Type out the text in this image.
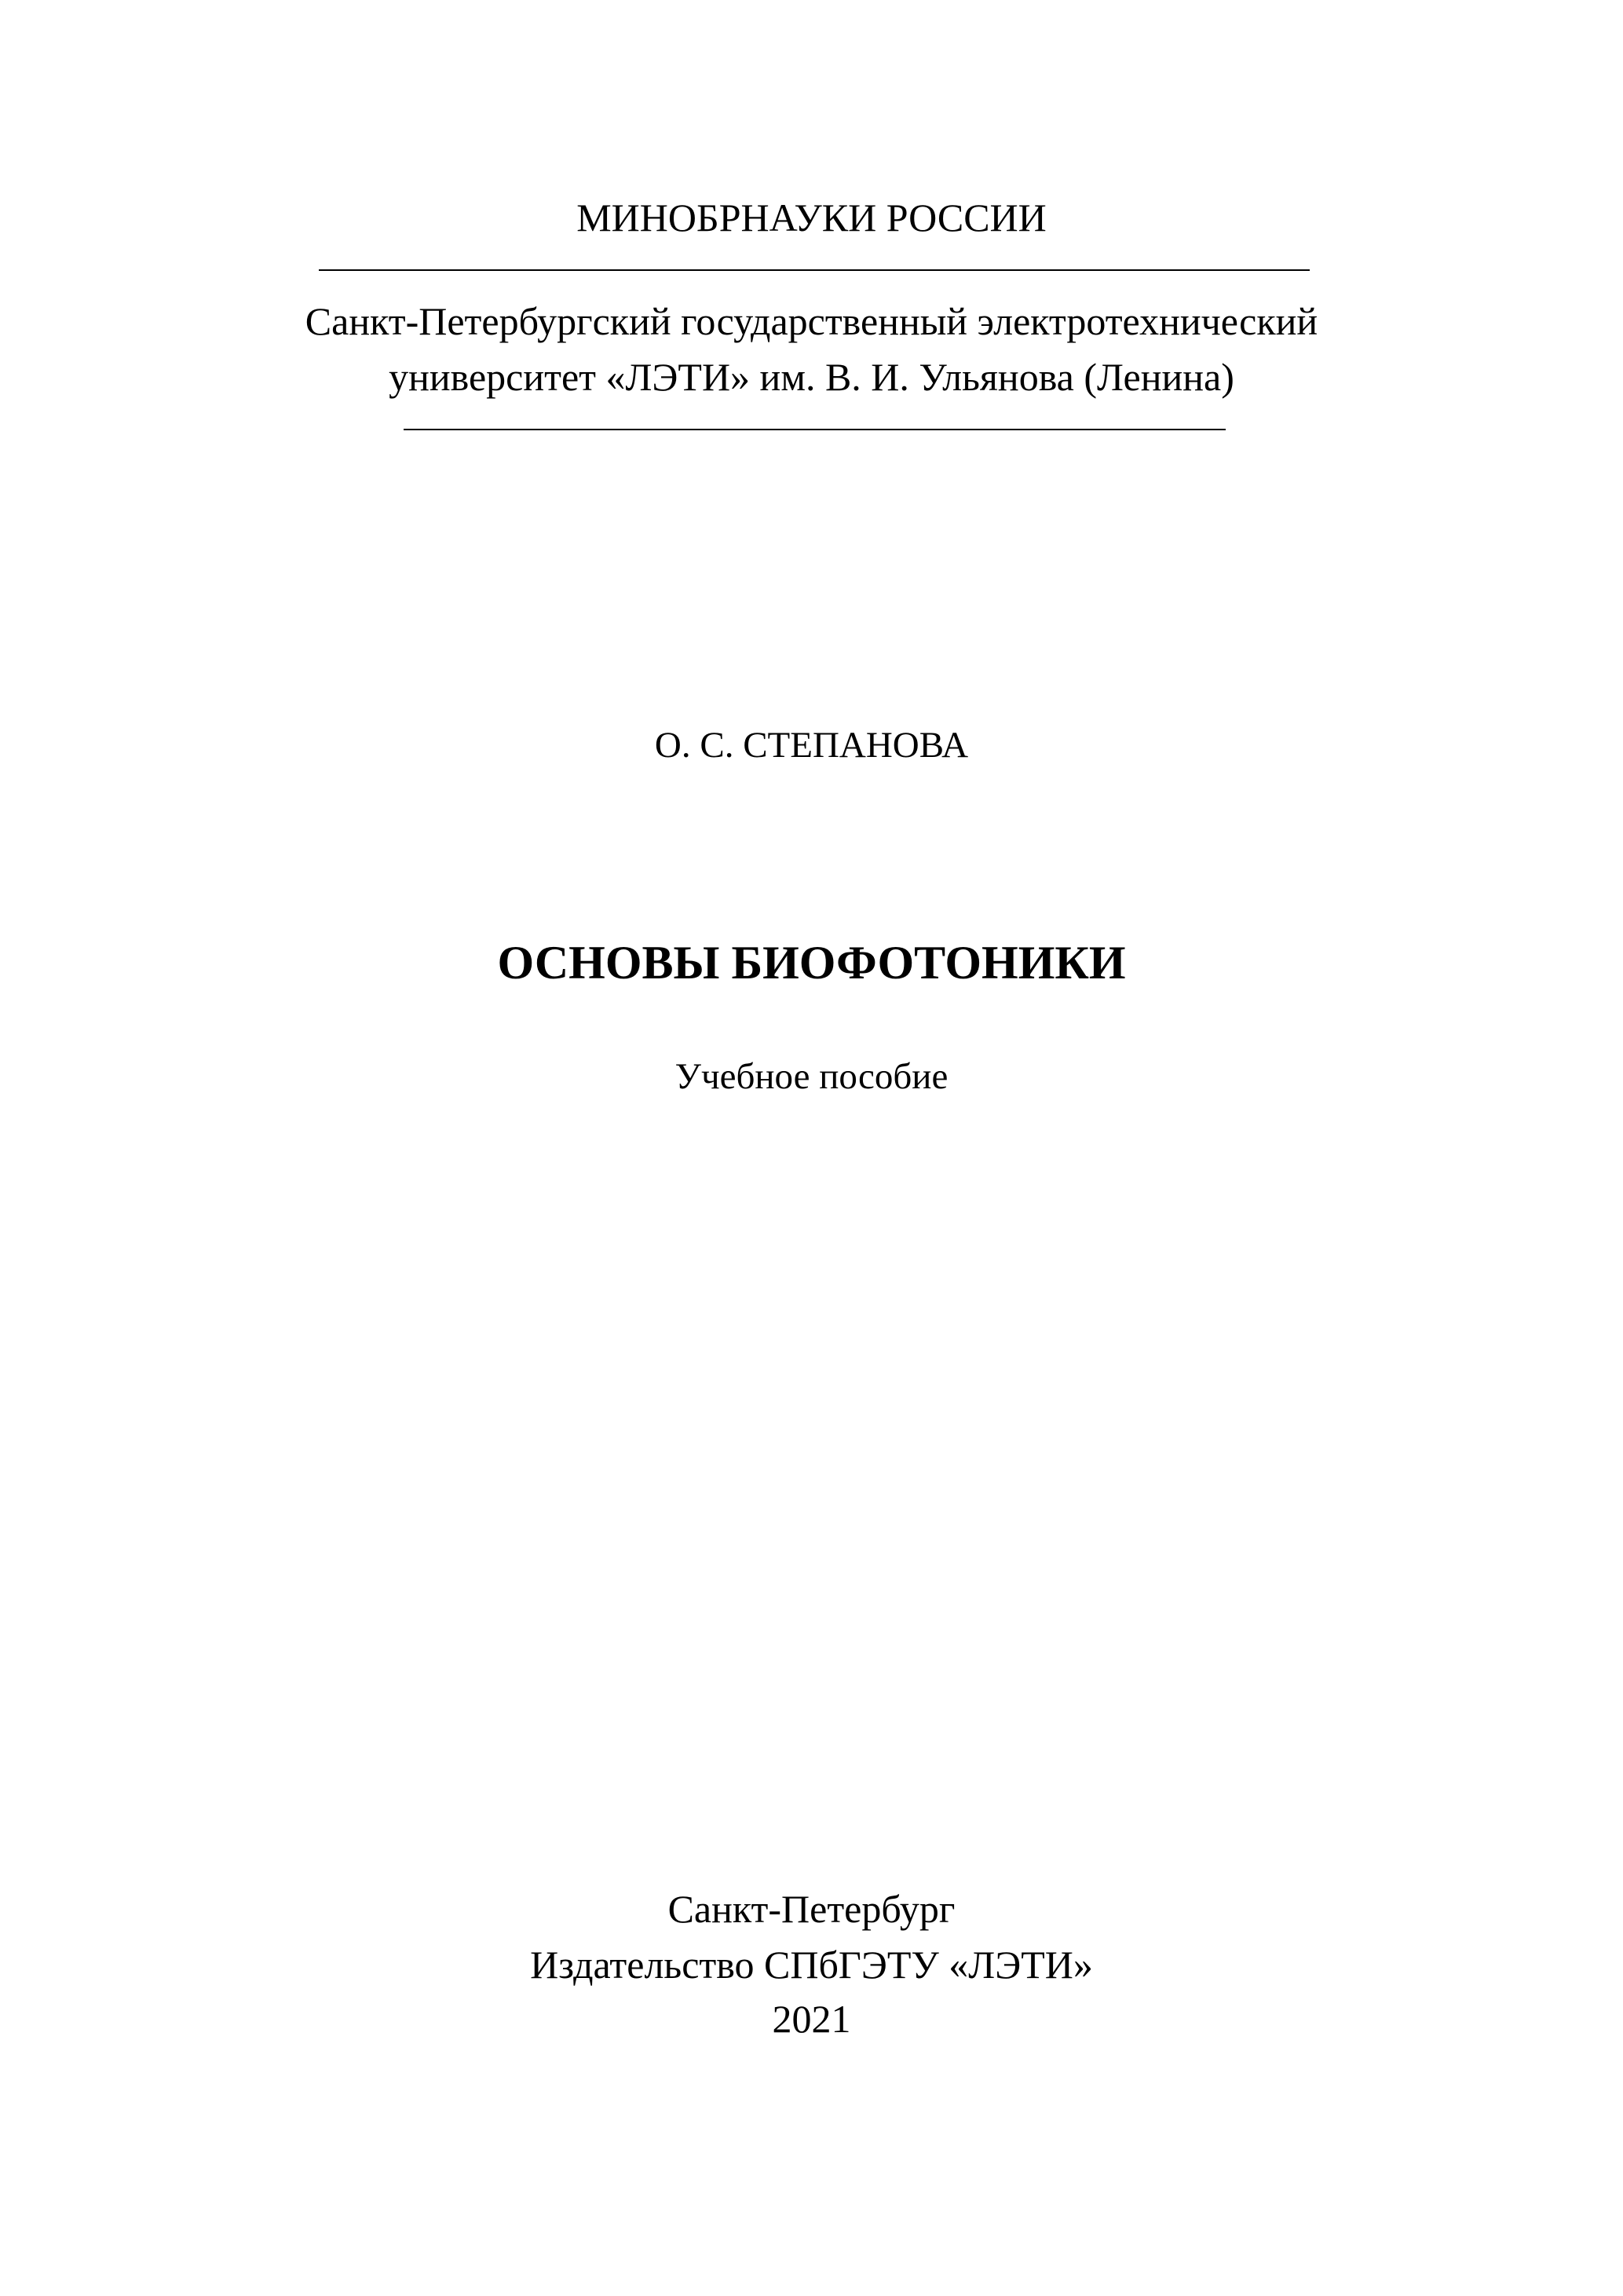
МИНОБРНАУКИ РОССИИ
Санкт-Петербургский государственный электротехнический
университет «ЛЭТИ» им. В. И. Ульянова (Ленина)
О. С. СТЕПАНОВА
ОСНОВЫ БИОФОТОНИКИ
Учебное пособие
Санкт-Петербург
Издательство СПбГЭТУ «ЛЭТИ»
2021
